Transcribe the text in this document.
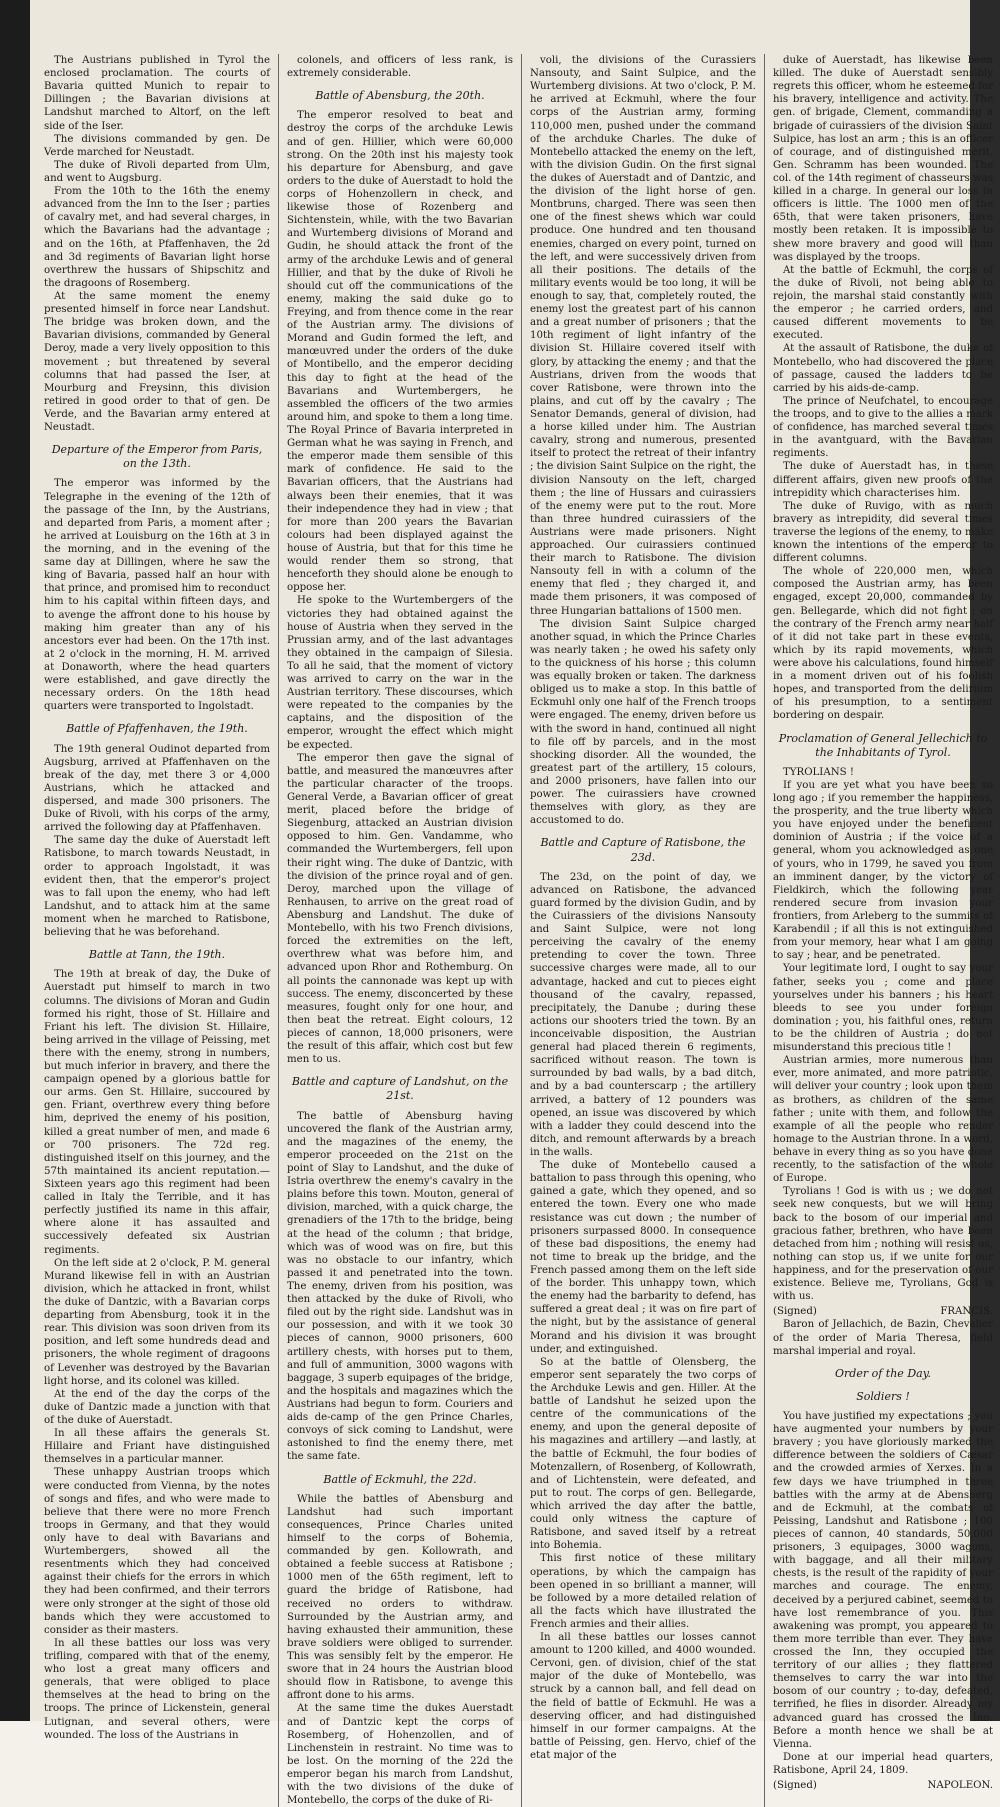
The Austrians published in Tyrol the enclosed proclamation. The courts of Bavaria quitted Munich to repair to Dillingen ; the Bavarian divisions at Landshut marched to Altorf, on the left side of the Iser.

The divisions commanded by gen. De Verde marched for Neustadt.

The duke of Rivoli departed from Ulm, and went to Augsburg.

From the 10th to the 16th the enemy advanced from the Inn to the Iser ; parties of cavalry met, and had several charges, in which the Bavarians had the advantage ; and on the 16th, at Pfaffenhaven, the 2d and 3d regiments of Bavarian light horse overthrew the hussars of Shipschitz and the dragoons of Rosemberg.

At the same moment the enemy presented himself in force near Landshut. The bridge was broken down, and the Bavarian divisions, commanded by General Deroy, made a very lively opposition to this movement ; but threatened by several columns that had passed the Iser, at Mourburg and Freysinn, this division retired in good order to that of gen. De Verde, and the Bavarian army entered at Neustadt.

Departure of the Emperor from Paris, on the 13th.

The emperor was informed by the Telegraphe in the evening of the 12th of the passage of the Inn, by the Austrians, and departed from Paris, a moment after ; he arrived at Louisburg on the 16th at 3 in the morning, and in the evening of the same day at Dillingen, where he saw the king of Bavaria, passed half an hour with that prince, and promised him to reconduct him to his capital within fifteen days, and to avenge the affront done to his house by making him greater than any of his ancestors ever had been. On the 17th inst. at 2 o'clock in the morning, H. M. arrived at Donaworth, where the head quarters were established, and gave directly the necessary orders. On the 18th head quarters were transported to Ingolstadt.

Battle of Pfaffenhaven, the 19th.

The 19th general Oudinot departed from Augsburg, arrived at Pfaffenhaven on the break of the day, met there 3 or 4,000 Austrians, which he attacked and dispersed, and made 300 prisoners. The Duke of Rivoli, with his corps of the army, arrived the following day at Pfaffenhaven.

The same day the duke of Auerstadt left Ratisbone, to march towards Neustadt, in order to approach Ingolstadt, it was evident then, that the emperor's project was to fall upon the enemy, who had left Landshut, and to attack him at the same moment when he marched to Ratisbone, believing that he was beforehand.

Battle at Tann, the 19th.

The 19th at break of day, the Duke of Auerstadt put himself to march in two columns. The divisions of Moran and Gudin formed his right, those of St. Hillaire and Friant his left. The division St. Hillaire, being arrived in the village of Peissing, met there with the enemy, strong in numbers, but much inferior in bravery, and there the campaign opened by a glorious battle for our arms. Gen St. Hillaire, succoured by gen. Friant, overthrew every thing before him, deprived the enemy of his position, killed a great number of men, and made 6 or 700 prisoners. The 72d reg. distinguished itself on this journey, and the 57th maintained its ancient reputation.—Sixteen years ago this regiment had been called in Italy the Terrible, and it has perfectly justified its name in this affair, where alone it has assaulted and successively defeated six Austrian regiments.

On the left side at 2 o'clock, P. M. general Murand likewise fell in with an Austrian division, which he attacked in front, whilst the duke of Dantzic, with a Bavarian corps departing from Abensburg, took it in the rear. This division was soon driven from its position, and left some hundreds dead and prisoners, the whole regiment of dragoons of Levenher was destroyed by the Bavarian light horse, and its colonel was killed.

At the end of the day the corps of the duke of Dantzic made a junction with that of the duke of Auerstadt.

In all these affairs the generals St. Hillaire and Friant have distinguished themselves in a particular manner.

These unhappy Austrian troops which were conducted from Vienna, by the notes of songs and fifes, and who were made to believe that there were no more French troops in Germany, and that they would only have to deal with Bavarians and Wurtembergers, showed all the resentments which they had conceived against their chiefs for the errors in which they had been confirmed, and their terrors were only stronger at the sight of those old bands which they were accustomed to consider as their masters.

In all these battles our loss was very trifling, compared with that of the enemy, who lost a great many officers and generals, that were obliged to place themselves at the head to bring on the troops. The prince of Lickenstein, general Lutignan, and several others, were wounded. The loss of the Austrians in

colonels, and officers of less rank, is extremely considerable.

Battle of Abensburg, the 20th.

The emperor resolved to beat and destroy the corps of the archduke Lewis and of gen. Hillier, which were 60,000 strong. On the 20th inst his majesty took his departure for Abensburg, and gave orders to the duke of Auerstadt to hold the corps of Hohenzollern in check, and likewise those of Rozenberg and Sichtenstein, while, with the two Bavarian and Wurtemberg divisions of Morand and Gudin, he should attack the front of the army of the archduke Lewis and of general Hillier, and that by the duke of Rivoli he should cut off the communications of the enemy, making the said duke go to Freying, and from thence come in the rear of the Austrian army. The divisions of Morand and Gudin formed the left, and manœuvred under the orders of the duke of Montibello, and the emperor deciding this day to fight at the head of the Bavarians and Wurtembergers, he assembled the officers of the two armies around him, and spoke to them a long time. The Royal Prince of Bavaria interpreted in German what he was saying in French, and the emperor made them sensible of this mark of confidence. He said to the Bavarian officers, that the Austrians had always been their enemies, that it was their independence they had in view ; that for more than 200 years the Bavarian colours had been displayed against the house of Austria, but that for this time he would render them so strong, that henceforth they should alone be enough to oppose her.

He spoke to the Wurtembergers of the victories they had obtained against the house of Austria when they served in the Prussian army, and of the last advantages they obtained in the campaign of Silesia. To all he said, that the moment of victory was arrived to carry on the war in the Austrian territory. These discourses, which were repeated to the companies by the captains, and the disposition of the emperor, wrought the effect which might be expected.

The emperor then gave the signal of battle, and measured the manœuvres after the particular character of the troops. General Verde, a Bavarian officer of great merit, placed before the bridge of Siegenburg, attacked an Austrian division opposed to him. Gen. Vandamme, who commanded the Wurtembergers, fell upon their right wing. The duke of Dantzic, with the division of the prince royal and of gen. Deroy, marched upon the village of Renhausen, to arrive on the great road of Abensburg and Landshut. The duke of Montebello, with his two French divisions, forced the extremities on the left, overthrew what was before him, and advanced upon Rhor and Rothemburg. On all points the cannonade was kept up with success. The enemy, disconcerted by these measures, fought only for one hour, and then beat the retreat. Eight colours, 12 pieces of cannon, 18,000 prisoners, were the result of this affair, which cost but few men to us.

Battle and capture of Landshut, on the 21st.

The battle of Abensburg having uncovered the flank of the Austrian army, and the magazines of the enemy, the emperor proceeded on the 21st on the point of Slay to Landshut, and the duke of Istria overthrew the enemy's cavalry in the plains before this town. Mouton, general of division, marched, with a quick charge, the grenadiers of the 17th to the bridge, being at the head of the column ; that bridge, which was of wood was on fire, but this was no obstacle to our infantry, which passed it and penetrated into the town. The enemy, driven from his position, was then attacked by the duke of Rivoli, who filed out by the right side. Landshut was in our possession, and with it we took 30 pieces of cannon, 9000 prisoners, 600 artillery chests, with horses put to them, and full of ammunition, 3000 wagons with baggage, 3 superb equipages of the bridge, and the hospitals and magazines which the Austrians had begun to form. Couriers and aids de-camp of the gen Prince Charles, convoys of sick coming to Landshut, were astonished to find the enemy there, met the same fate.

Battle of Eckmuhl, the 22d.

While the battles of Abensburg and Landshut had such important consequences, Prince Charles united himself to the corps of Bohemia, commanded by gen. Kollowrath, and obtained a feeble success at Ratisbone ; 1000 men of the 65th regiment, left to guard the bridge of Ratisbone, had received no orders to withdraw. Surrounded by the Austrian army, and having exhausted their ammunition, these brave soldiers were obliged to surrender. This was sensibly felt by the emperor. He swore that in 24 hours the Austrian blood should flow in Ratisbone, to avenge this affront done to his arms.

At the same time the dukes Auerstadt and of Dantzic kept the corps of Rosemberg, of Hohenzollen, and of Linchenstein in restraint. No time was to be lost. On the morning of the 22d the emperor began his march from Landshut, with the two divisions of the duke of Montebello, the corps of the duke of Ri-

voli, the divisions of the Curassiers Nansouty, and Saint Sulpice, and the Wurtemberg divisions. At two o'clock, P. M. he arrived at Eckmuhl, where the four corps of the Austrian army, forming 110,000 men, pushed under the command of the archduke Charles. The duke of Montebello attacked the enemy on the left, with the division Gudin. On the first signal the dukes of Auerstadt and of Dantzic, and the division of the light horse of gen. Montbruns, charged. There was seen then one of the finest shews which war could produce. One hundred and ten thousand enemies, charged on every point, turned on the left, and were successively driven from all their positions. The details of the military events would be too long, it will be enough to say, that, completely routed, the enemy lost the greatest part of his cannon and a great number of prisoners ; that the 10th regiment of light infantry of the division St. Hillaire covered itself with glory, by attacking the enemy ; and that the Austrians, driven from the woods that cover Ratisbone, were thrown into the plains, and cut off by the cavalry ; The Senator Demands, general of division, had a horse killed under him. The Austrian cavalry, strong and numerous, presented itself to protect the retreat of their infantry ; the division Saint Sulpice on the right, the division Nansouty on the left, charged them ; the line of Hussars and cuirassiers of the enemy were put to the rout. More than three hundred cuirassiers of the Austrians were made prisoners. Night approached. Our cuirassiers continued their march to Ratisbone. The division Nansouty fell in with a column of the enemy that fled ; they charged it, and made them prisoners, it was composed of three Hungarian battalions of 1500 men.

The division Saint Sulpice charged another squad, in which the Prince Charles was nearly taken ; he owed his safety only to the quickness of his horse ; this column was equally broken or taken. The darkness obliged us to make a stop. In this battle of Eckmuhl only one half of the French troops were engaged. The enemy, driven before us with the sword in hand, continued all night to file off by parcels, and in the most shocking disorder. All the wounded, the greatest part of the artillery, 15 colours, and 2000 prisoners, have fallen into our power. The cuirassiers have crowned themselves with glory, as they are accustomed to do.

Battle and Capture of Ratisbone, the 23d.

The 23d, on the point of day, we advanced on Ratisbone, the advanced guard formed by the division Gudin, and by the Cuirassiers of the divisions Nansouty and Saint Sulpice, were not long perceiving the cavalry of the enemy pretending to cover the town. Three successive charges were made, all to our advantage, hacked and cut to pieces eight thousand of the cavalry, repassed, precipitately, the Danube ; during these actions our shooters tried the town. By an inconceivable disposition, the Austrian general had placed therein 6 regiments, sacrificed without reason. The town is surrounded by bad walls, by a bad ditch, and by a bad counterscarp ; the artillery arrived, a battery of 12 pounders was opened, an issue was discovered by which with a ladder they could descend into the ditch, and remount afterwards by a breach in the walls.

The duke of Montebello caused a battalion to pass through this opening, who gained a gate, which they opened, and so entered the town. Every one who made resistance was cut down ; the number of prisoners surpassed 8000. In consequence of these bad dispositions, the enemy had not time to break up the bridge, and the French passed among them on the left side of the border. This unhappy town, which the enemy had the barbarity to defend, has suffered a great deal ; it was on fire part of the night, but by the assistance of general Morand and his division it was brought under, and extinguished.

So at the battle of Olensberg, the emperor sent separately the two corps of the Archduke Lewis and gen. Hiller. At the battle of Landshut he seized upon the centre of the communications of the enemy, and upon the general deposite of his magazines and artillery —and lastly, at the battle of Eckmuhl, the four bodies of Motenzallern, of Rosenberg, of Kollowrath, and of Lichtenstein, were defeated, and put to rout. The corps of gen. Bellegarde, which arrived the day after the battle, could only witness the capture of Ratisbone, and saved itself by a retreat into Bohemia.

This first notice of these military operations, by which the campaign has been opened in so brilliant a manner, will be followed by a more detailed relation of all the facts which have illustrated the French armies and their allies.

In all these battles our losses cannot amount to 1200 killed, and 4000 wounded. Cervoni, gen. of division, chief of the stat major of the duke of Montebello, was struck by a cannon ball, and fell dead on the field of battle of Eckmuhl. He was a deserving officer, and had distinguished himself in our former campaigns. At the battle of Peissing, gen. Hervo, chief of the etat major of the

duke of Auerstadt, has likewise been killed. The duke of Auerstadt sensibly regrets this officer, whom he esteemed for his bravery, intelligence and activity. The gen. of brigade, Clement, commanding a brigade of cuirassiers of the division Saint Sulpice, has lost an arm ; this is an officer of courage, and of distinguished merit. Gen. Schramm has been wounded. The col. of the 14th regiment of chasseurs was killed in a charge. In general our loss in officers is little. The 1000 men of the 65th, that were taken prisoners, have mostly been retaken. It is impossible to shew more bravery and good will than was displayed by the troops.

At the battle of Eckmuhl, the corps of the duke of Rivoli, not being able to rejoin, the marshal staid constantly with the emperor ; he carried orders, and caused different movements to be executed.

At the assault of Ratisbone, the duke of Montebello, who had discovered the place of passage, caused the ladders to be carried by his aids-de-camp.

The prince of Neufchatel, to encourage the troops, and to give to the allies a mark of confidence, has marched several times in the avantguard, with the Bavarian regiments.

The duke of Auerstadt has, in these different affairs, given new proofs of the intrepidity which characterises him.

The duke of Ruvigo, with as much bravery as intrepidity, did several times traverse the legions of the enemy, to make known the intentions of the emperor to different columns.

The whole of 220,000 men, which composed the Austrian army, has been engaged, except 20,000, commanded by gen. Bellegarde, which did not fight ; on the contrary of the French army near half of it did not take part in these events, which by its rapid movements, which were above his calculations, found himself in a moment driven out of his foolish hopes, and transported from the delirium of his presumption, to a sentiment bordering on despair.

Proclamation of General Jellechich to the Inhabitants of Tyrol.

TYROLIANS !

If you are yet what you have been so long ago ; if you remember the happiness, the prosperity, and the true liberty which you have enjoyed under the beneficent dominion of Austria ; if the voice of a general, whom you acknowledged as one of yours, who in 1799, he saved you from an imminent danger, by the victory of Fieldkirch, which the following year rendered secure from invasion your frontiers, from Arleberg to the summits of Karabendil ; if all this is not extinguished from your memory, hear what I am going to say ; hear, and be penetrated.

Your legitimate lord, I ought to say your father, seeks you ; come and place yourselves under his banners ; his heart bleeds to see you under foreign domination ; you, his faithful ones, return to be the children of Austria ; do not misunderstand this precious title !

Austrian armies, more numerous than ever, more animated, and more patriotic, will deliver your country ; look upon them as brothers, as children of the same father ; unite with them, and follow the example of all the people who render homage to the Austrian throne. In a word, behave in every thing as so you have done recently, to the satisfaction of the whole of Europe.

Tyrolians ! God is with us ; we do not seek new conquests, but we will bring back to the bosom of our imperial and gracious father, brethren, who have been detached from him ; nothing will resist us, nothing can stop us, if we unite for our happiness, and for the preservation of our existence. Believe me, Tyrolians, God is with us.

(Signed)	FRANCIS.

Baron of Jellachich, de Bazin, Chevalier of the order of Maria Theresa, field marshal imperial and royal.

Order of the Day.
Soldiers !

You have justified my expectations ; you have augmented your numbers by your bravery ; you have gloriously marked the difference between the soldiers of Cæsar and the crowded armies of Xerxes. In a few days we have triumphed in three battles with the army at de Abensberg and de Eckmuhl, at the combats of Peissing, Landshut and Ratisbone ; 100 pieces of cannon, 40 standards, 50,000 prisoners, 3 equipages, 3000 wagons, with baggage, and all their military chests, is the result of the rapidity of your marches and courage. The enemy, deceived by a perjured cabinet, seemed to have lost remembrance of you. This awakening was prompt, you appeared to them more terrible than ever. They have crossed the Inn, they occupied the territory of our allies ; they flattered themselves to carry the war into the bosom of our country ; to-day, defeated, terrified, he flies in disorder. Already my advanced guard has crossed the Inn. Before a month hence we shall be at Vienna.

Done at our imperial head quarters, Ratisbone, April 24, 1809.

(Signed)	NAPOLEON.
